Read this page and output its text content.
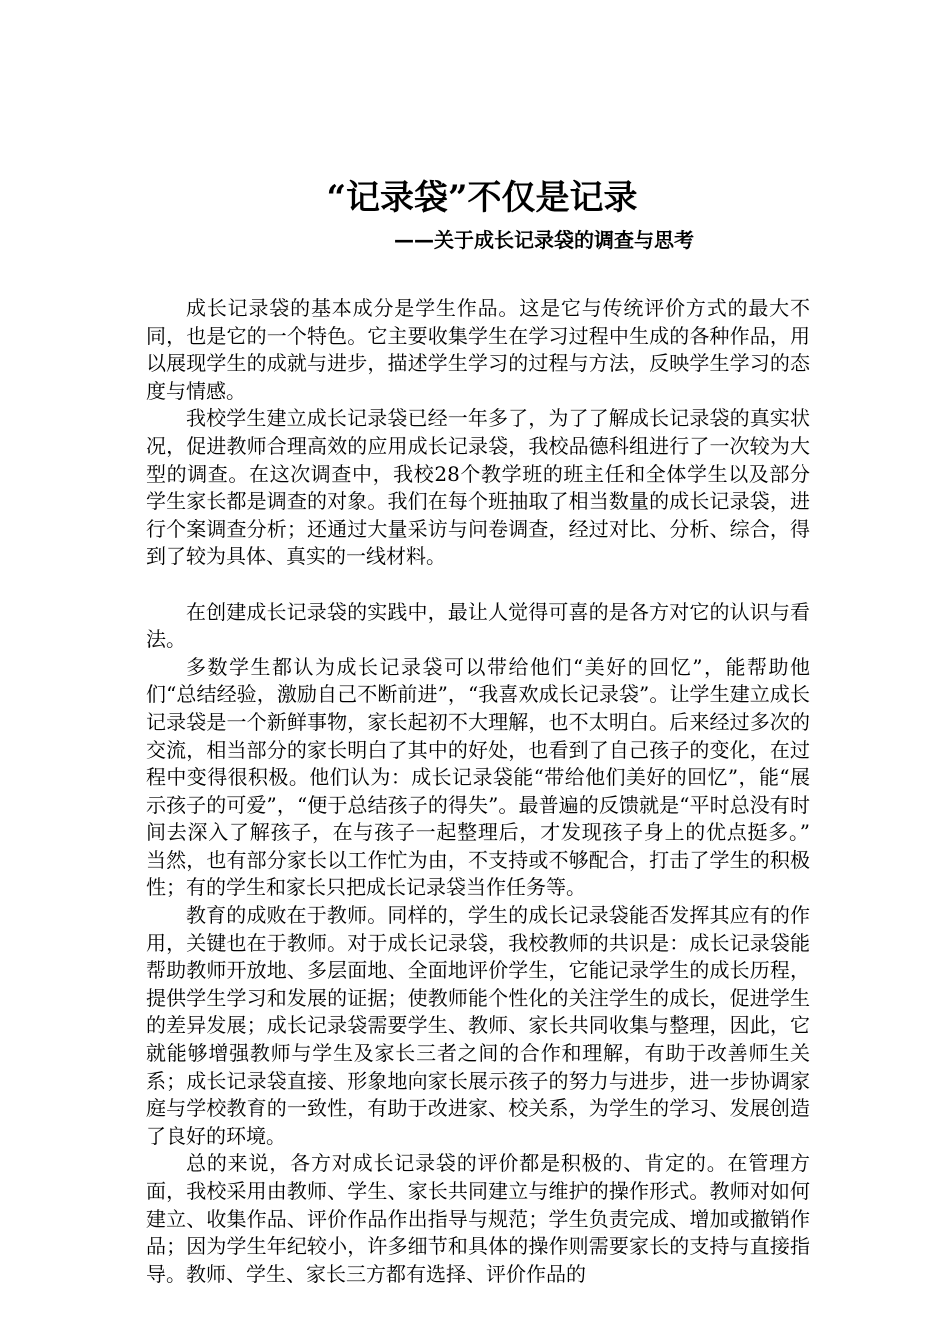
“记录袋”不仅是记录
——关于成长记录袋的调查与思考

成长记录袋的基本成分是学生作品。这是它与传统评价方式的最大不同，也是它的一个特色。它主要收集学生在学习过程中生成的各种作品，用以展现学生的成就与进步，描述学生学习的过程与方法，反映学生学习的态度与情感。

我校学生建立成长记录袋已经一年多了，为了了解成长记录袋的真实状况，促进教师合理高效的应用成长记录袋，我校品德科组进行了一次较为大型的调查。在这次调查中，我校28个教学班的班主任和全体学生以及部分学生家长都是调查的对象。我们在每个班抽取了相当数量的成长记录袋，进行个案调查分析；还通过大量采访与问卷调查，经过对比、分析、综合，得到了较为具体、真实的一线材料。

在创建成长记录袋的实践中，最让人觉得可喜的是各方对它的认识与看法。

多数学生都认为成长记录袋可以带给他们“美好的回忆”，能帮助他们“总结经验，激励自己不断前进”，“我喜欢成长记录袋”。让学生建立成长记录袋是一个新鲜事物，家长起初不大理解，也不太明白。后来经过多次的交流，相当部分的家长明白了其中的好处，也看到了自己孩子的变化，在过程中变得很积极。他们认为：成长记录袋能“带给他们美好的回忆”，能“展示孩子的可爱”，“便于总结孩子的得失”。最普遍的反馈就是“平时总没有时间去深入了解孩子，在与孩子一起整理后，才发现孩子身上的优点挺多。” 当然，也有部分家长以工作忙为由，不支持或不够配合，打击了学生的积极性；有的学生和家长只把成长记录袋当作任务等。

教育的成败在于教师。同样的，学生的成长记录袋能否发挥其应有的作用，关键也在于教师。对于成长记录袋，我校教师的共识是：成长记录袋能帮助教师开放地、多层面地、全面地评价学生，它能记录学生的成长历程，提供学生学习和发展的证据；使教师能个性化的关注学生的成长，促进学生的差异发展；成长记录袋需要学生、教师、家长共同收集与整理，因此，它就能够增强教师与学生及家长三者之间的合作和理解，有助于改善师生关系；成长记录袋直接、形象地向家长展示孩子的努力与进步，进一步协调家庭与学校教育的一致性，有助于改进家、校关系，为学生的学习、发展创造了良好的环境。

总的来说，各方对成长记录袋的评价都是积极的、肯定的。在管理方面，我校采用由教师、学生、家长共同建立与维护的操作形式。教师对如何建立、收集作品、评价作品作出指导与规范；学生负责完成、增加或撤销作品；因为学生年纪较小，许多细节和具体的操作则需要家长的支持与直接指导。教师、学生、家长三方都有选择、评价作品的
